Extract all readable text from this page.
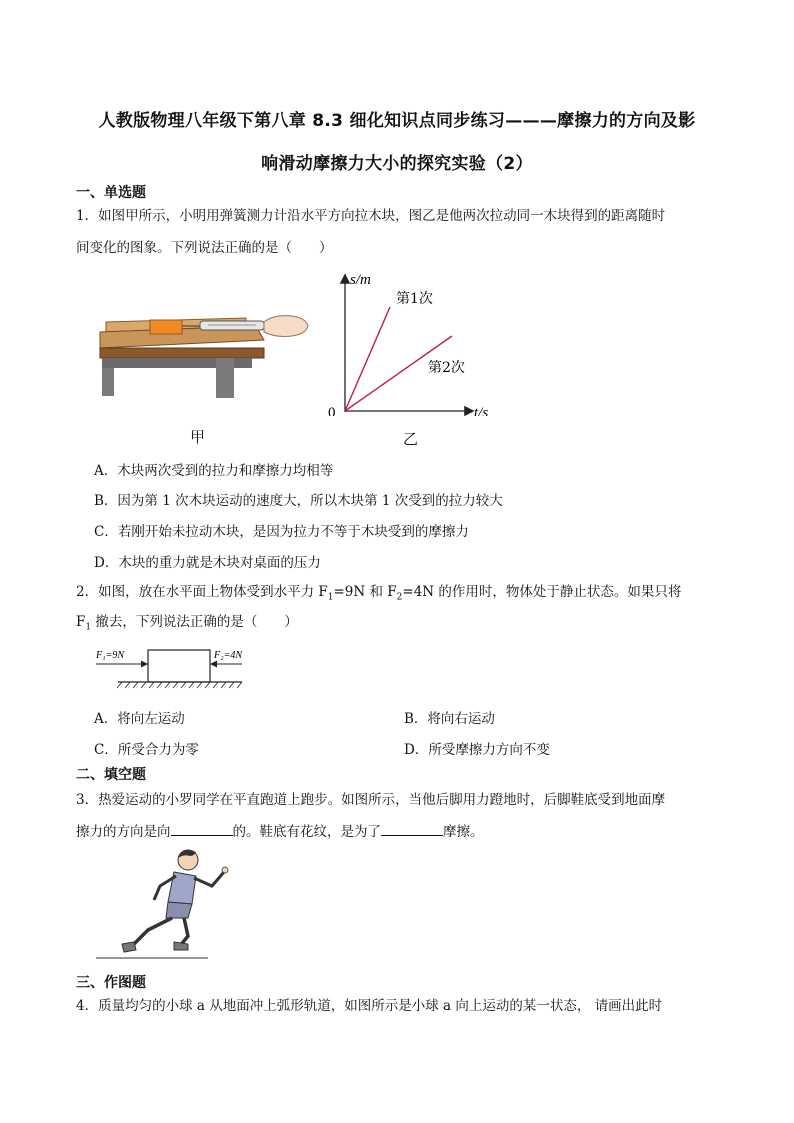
人教版物理八年级下第八章 8.3 细化知识点同步练习———摩擦力的方向及影
响滑动摩擦力大小的探究实验（2）
一、单选题
1．如图甲所示，小明用弹簧测力计沿水平方向拉木块，图乙是他两次拉动同一木块得到的距离随时
间变化的图象。下列说法正确的是（　　）
甲
s/m
t/s
0
第1次
第2次
乙
A．木块两次受到的拉力和摩擦力均相等
B．因为第 1 次木块运动的速度大，所以木块第 1 次受到的拉力较大
C．若刚开始未拉动木块，是因为拉力不等于木块受到的摩擦力
D．木块的重力就是木块对桌面的压力
2．如图，放在水平面上物体受到水平力 $F_1=9N$ 和 $F_2=4N$ 的作用时，物体处于静止状态。如果只将
$F_1$ 撤去，下列说法正确的是（　　）
F₁=9N	F₂=4N
A．将向左运动	B．将向右运动
C．所受合力为零	D．所受摩擦力方向不变
二、填空题
3．热爱运动的小罗同学在平直跑道上跑步。如图所示，当他后脚用力蹬地时，后脚鞋底受到地面摩
擦力的方向是向	的。鞋底有花纹，是为了	摩擦。
三、作图题
4．质量均匀的小球 a 从地面冲上弧形轨道，如图所示是小球 a 向上运动的某一状态， 请画出此时
